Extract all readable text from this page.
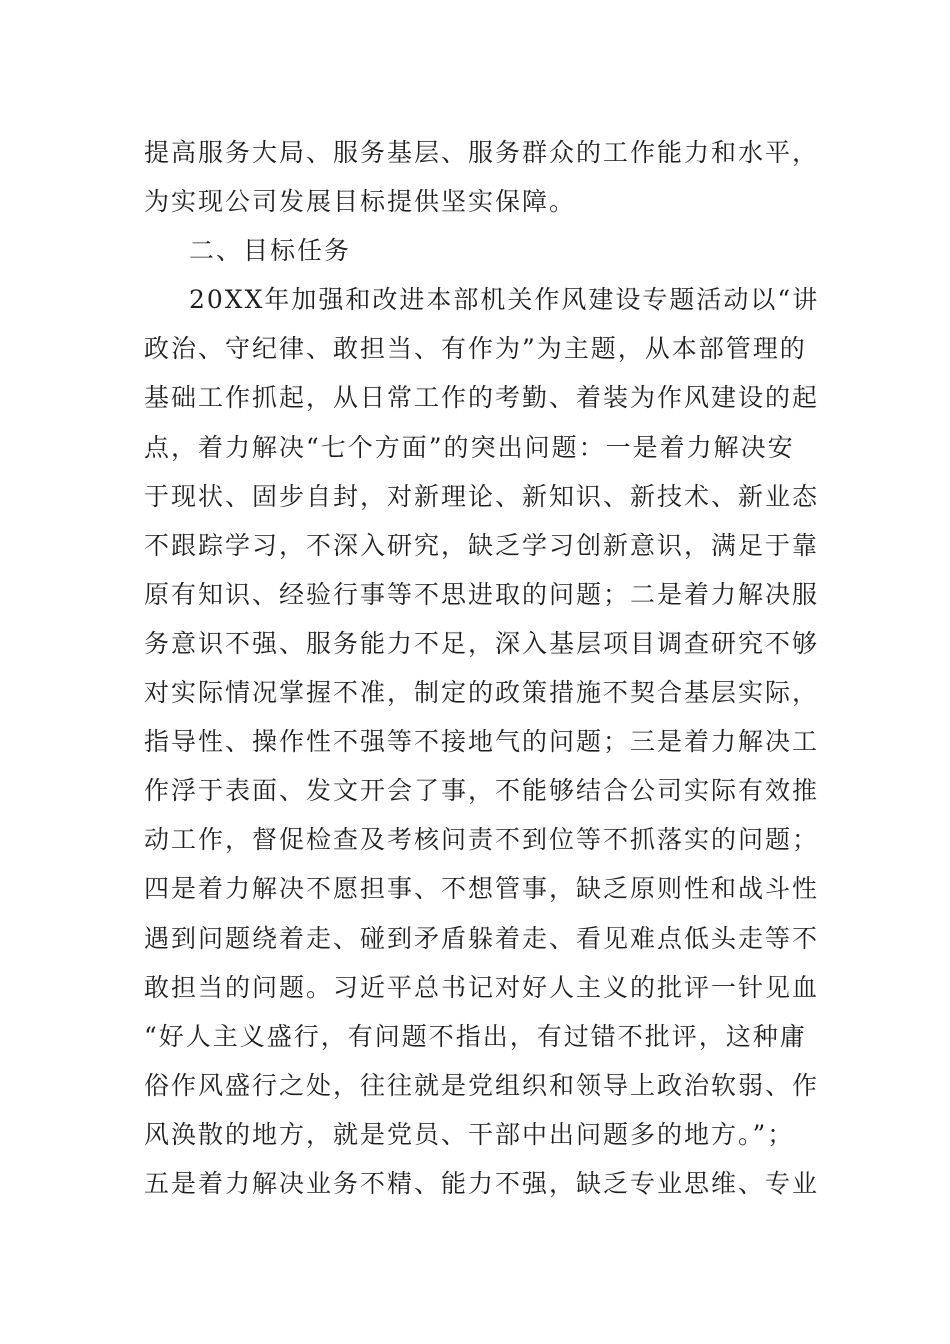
提高服务大局、服务基层、服务群众的工作能力和水平，
为实现公司发展目标提供坚实保障。
二、目标任务
20XX年加强和改进本部机关作风建设专题活动以“讲
政治、守纪律、敢担当、有作为”为主题，从本部管理的
基础工作抓起，从日常工作的考勤、着装为作风建设的起
点，着力解决“七个方面”的突出问题：一是着力解决安
于现状、固步自封，对新理论、新知识、新技术、新业态
不跟踪学习，不深入研究，缺乏学习创新意识，满足于靠
原有知识、经验行事等不思进取的问题；二是着力解决服
务意识不强、服务能力不足，深入基层项目调查研究不够
对实际情况掌握不准，制定的政策措施不契合基层实际，
指导性、操作性不强等不接地气的问题；三是着力解决工
作浮于表面、发文开会了事，不能够结合公司实际有效推
动工作，督促检查及考核问责不到位等不抓落实的问题；
四是着力解决不愿担事、不想管事，缺乏原则性和战斗性
遇到问题绕着走、碰到矛盾躲着走、看见难点低头走等不
敢担当的问题。习近平总书记对好人主义的批评一针见血
“好人主义盛行，有问题不指出，有过错不批评，这种庸
俗作风盛行之处，往往就是党组织和领导上政治软弱、作
风涣散的地方，就是党员、干部中出问题多的地方。”；
五是着力解决业务不精、能力不强，缺乏专业思维、专业
